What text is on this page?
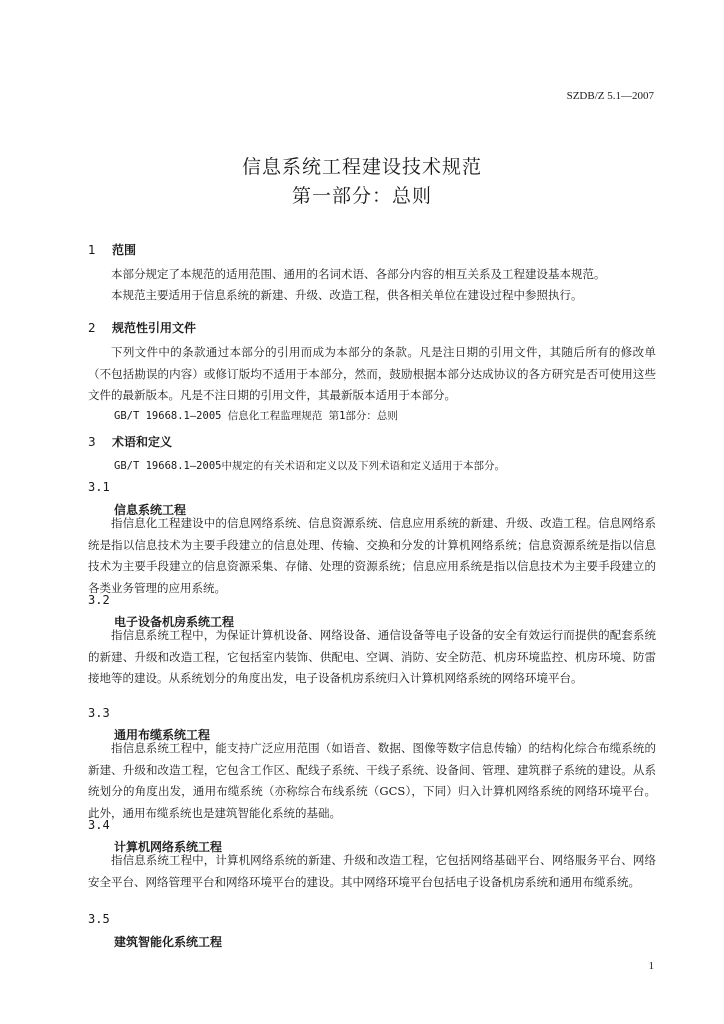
SZDB/Z 5.1—2007
信息系统工程建设技术规范
第一部分：总则
1 范围
本部分规定了本规范的适用范围、通用的名词术语、各部分内容的相互关系及工程建设基本规范。
本规范主要适用于信息系统的新建、升级、改造工程，供各相关单位在建设过程中参照执行。
2 规范性引用文件
下列文件中的条款通过本部分的引用而成为本部分的条款。凡是注日期的引用文件，其随后所有的修改单（不包括勘误的内容）或修订版均不适用于本部分，然而，鼓励根据本部分达成协议的各方研究是否可使用这些文件的最新版本。凡是不注日期的引用文件，其最新版本适用于本部分。
GB/T 19668.1—2005 信息化工程监理规范 第1部分：总则
3 术语和定义
GB/T 19668.1—2005中规定的有关术语和定义以及下列术语和定义适用于本部分。
3.1
信息系统工程
指信息化工程建设中的信息网络系统、信息资源系统、信息应用系统的新建、升级、改造工程。信息网络系统是指以信息技术为主要手段建立的信息处理、传输、交换和分发的计算机网络系统；信息资源系统是指以信息技术为主要手段建立的信息资源采集、存储、处理的资源系统；信息应用系统是指以信息技术为主要手段建立的各类业务管理的应用系统。
3.2
电子设备机房系统工程
指信息系统工程中，为保证计算机设备、网络设备、通信设备等电子设备的安全有效运行而提供的配套系统的新建、升级和改造工程，它包括室内装饰、供配电、空调、消防、安全防范、机房环境监控、机房环境、防雷接地等的建设。从系统划分的角度出发，电子设备机房系统归入计算机网络系统的网络环境平台。
3.3
通用布缆系统工程
指信息系统工程中，能支持广泛应用范围（如语音、数据、图像等数字信息传输）的结构化综合布缆系统的新建、升级和改造工程，它包含工作区、配线子系统、干线子系统、设备间、管理、建筑群子系统的建设。从系统划分的角度出发，通用布缆系统（亦称综合布线系统（GCS），下同）归入计算机网络系统的网络环境平台。此外，通用布缆系统也是建筑智能化系统的基础。
3.4
计算机网络系统工程
指信息系统工程中，计算机网络系统的新建、升级和改造工程，它包括网络基础平台、网络服务平台、网络安全平台、网络管理平台和网络环境平台的建设。其中网络环境平台包括电子设备机房系统和通用布缆系统。
3.5
建筑智能化系统工程
1
